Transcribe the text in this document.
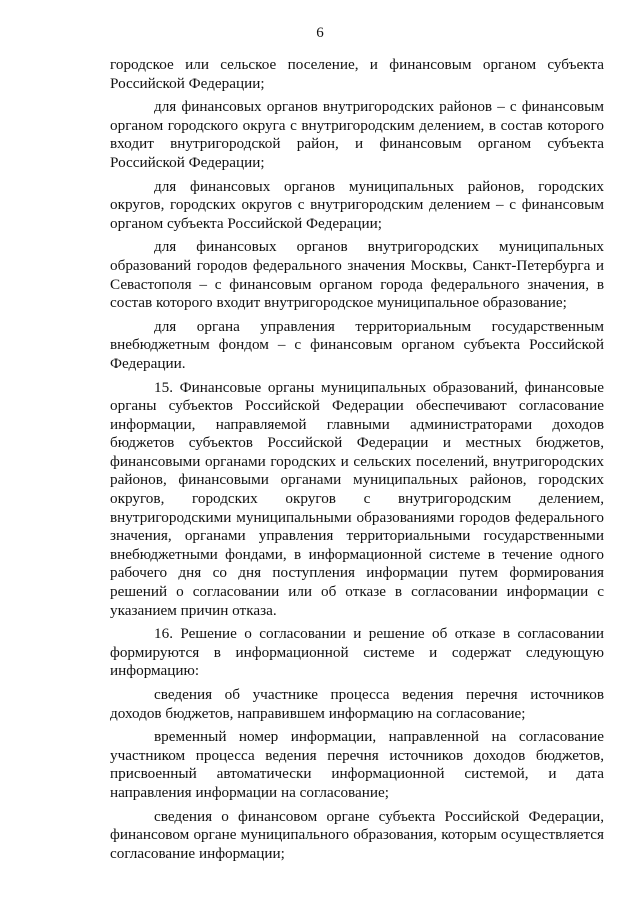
6

городское или сельское поселение, и финансовым органом субъекта Российской Федерации;

для финансовых органов внутригородских районов – с финансовым органом городского округа с внутригородским делением, в состав которого входит внутригородской район, и финансовым органом субъекта Российской Федерации;

для финансовых органов муниципальных районов, городских округов, городских округов с внутригородским делением – с финансовым органом субъекта Российской Федерации;

для финансовых органов внутригородских муниципальных образований городов федерального значения Москвы, Санкт-Петербурга и Севастополя – с финансовым органом города федерального значения, в состав которого входит внутригородское муниципальное образование;

для органа управления территориальным государственным внебюджетным фондом – с финансовым органом субъекта Российской Федерации.

15. Финансовые органы муниципальных образований, финансовые органы субъектов Российской Федерации обеспечивают согласование информации, направляемой главными администраторами доходов бюджетов субъектов Российской Федерации и местных бюджетов, финансовыми органами городских и сельских поселений, внутригородских районов, финансовыми органами муниципальных районов, городских округов, городских округов с внутригородским делением, внутригородскими муниципальными образованиями городов федерального значения, органами управления территориальными государственными внебюджетными фондами, в информационной системе в течение одного рабочего дня со дня поступления информации путем формирования решений о согласовании или об отказе в согласовании информации с указанием причин отказа.

16. Решение о согласовании и решение об отказе в согласовании формируются в информационной системе и содержат следующую информацию:

сведения об участнике процесса ведения перечня источников доходов бюджетов, направившем информацию на согласование;

временный номер информации, направленной на согласование участником процесса ведения перечня источников доходов бюджетов, присвоенный автоматически информационной системой, и дата направления информации на согласование;

сведения о финансовом органе субъекта Российской Федерации, финансовом органе муниципального образования, которым осуществляется согласование информации;
